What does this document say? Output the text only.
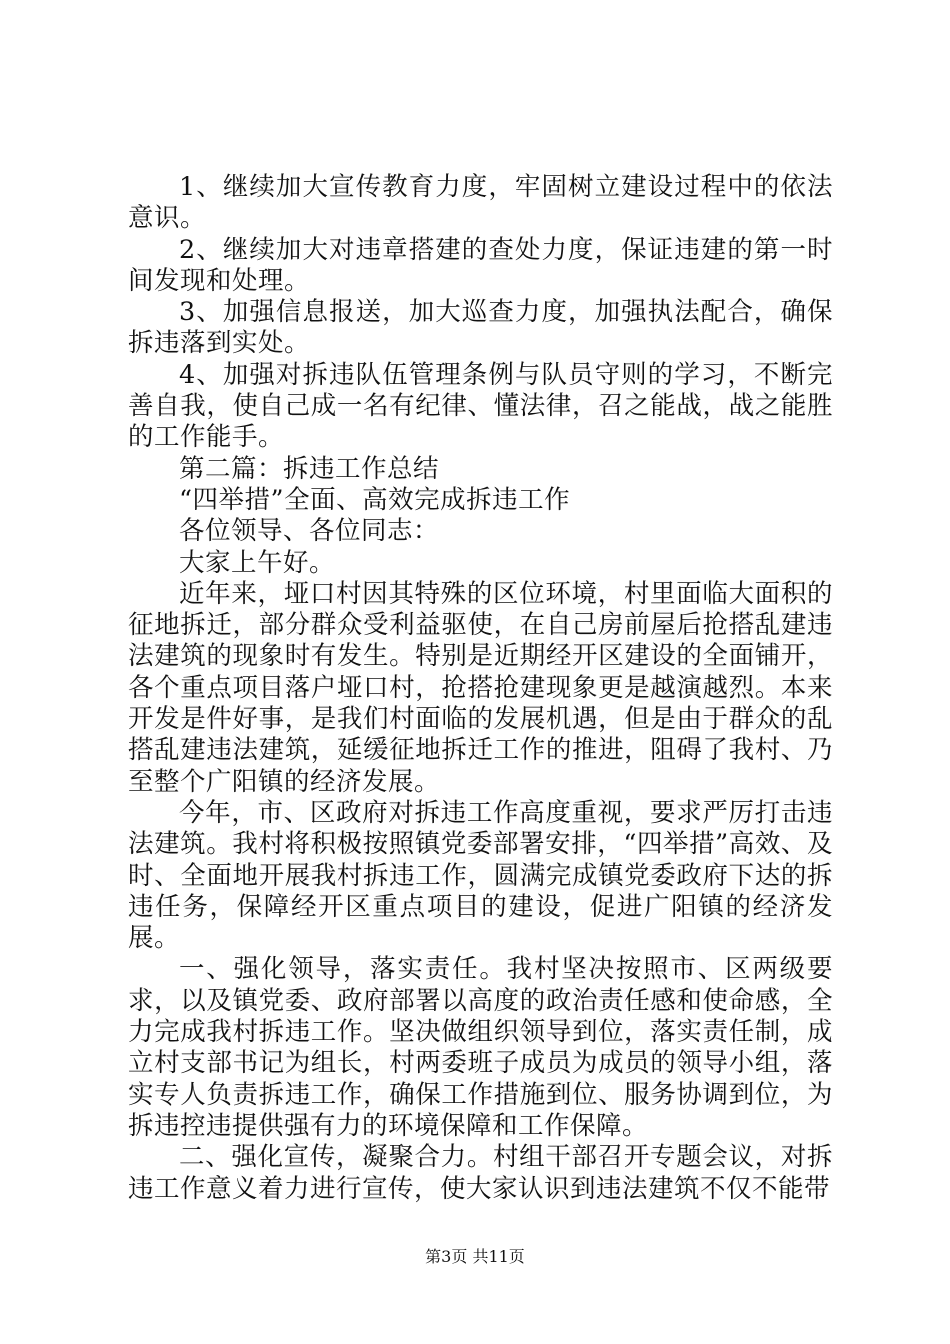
1、继续加大宣传教育力度，牢固树立建设过程中的依法意识。

2、继续加大对违章搭建的查处力度，保证违建的第一时间发现和处理。

3、加强信息报送，加大巡查力度，加强执法配合，确保拆违落到实处。

4、加强对拆违队伍管理条例与队员守则的学习，不断完善自我，使自己成一名有纪律、懂法律，召之能战，战之能胜的工作能手。

第二篇：拆违工作总结

“四举措”全面、高效完成拆违工作

各位领导、各位同志：

大家上午好。

近年来，垭口村因其特殊的区位环境，村里面临大面积的征地拆迁，部分群众受利益驱使，在自己房前屋后抢搭乱建违法建筑的现象时有发生。特别是近期经开区建设的全面铺开，各个重点项目落户垭口村，抢搭抢建现象更是越演越烈。本来开发是件好事，是我们村面临的发展机遇，但是由于群众的乱搭乱建违法建筑，延缓征地拆迁工作的推进，阻碍了我村、乃至整个广阳镇的经济发展。

今年，市、区政府对拆违工作高度重视，要求严厉打击违法建筑。我村将积极按照镇党委部署安排，“四举措”高效、及时、全面地开展我村拆违工作，圆满完成镇党委政府下达的拆违任务，保障经开区重点项目的建设，促进广阳镇的经济发展。

一、强化领导，落实责任。我村坚决按照市、区两级要求，以及镇党委、政府部署以高度的政治责任感和使命感，全力完成我村拆违工作。坚决做组织领导到位，落实责任制，成立村支部书记为组长，村两委班子成员为成员的领导小组，落实专人负责拆违工作，确保工作措施到位、服务协调到位，为拆违控违提供强有力的环境保障和工作保障。

二、强化宣传，凝聚合力。村组干部召开专题会议，对拆违工作意义着力进行宣传，使大家认识到违法建筑不仅不能带

第3页 共11页
